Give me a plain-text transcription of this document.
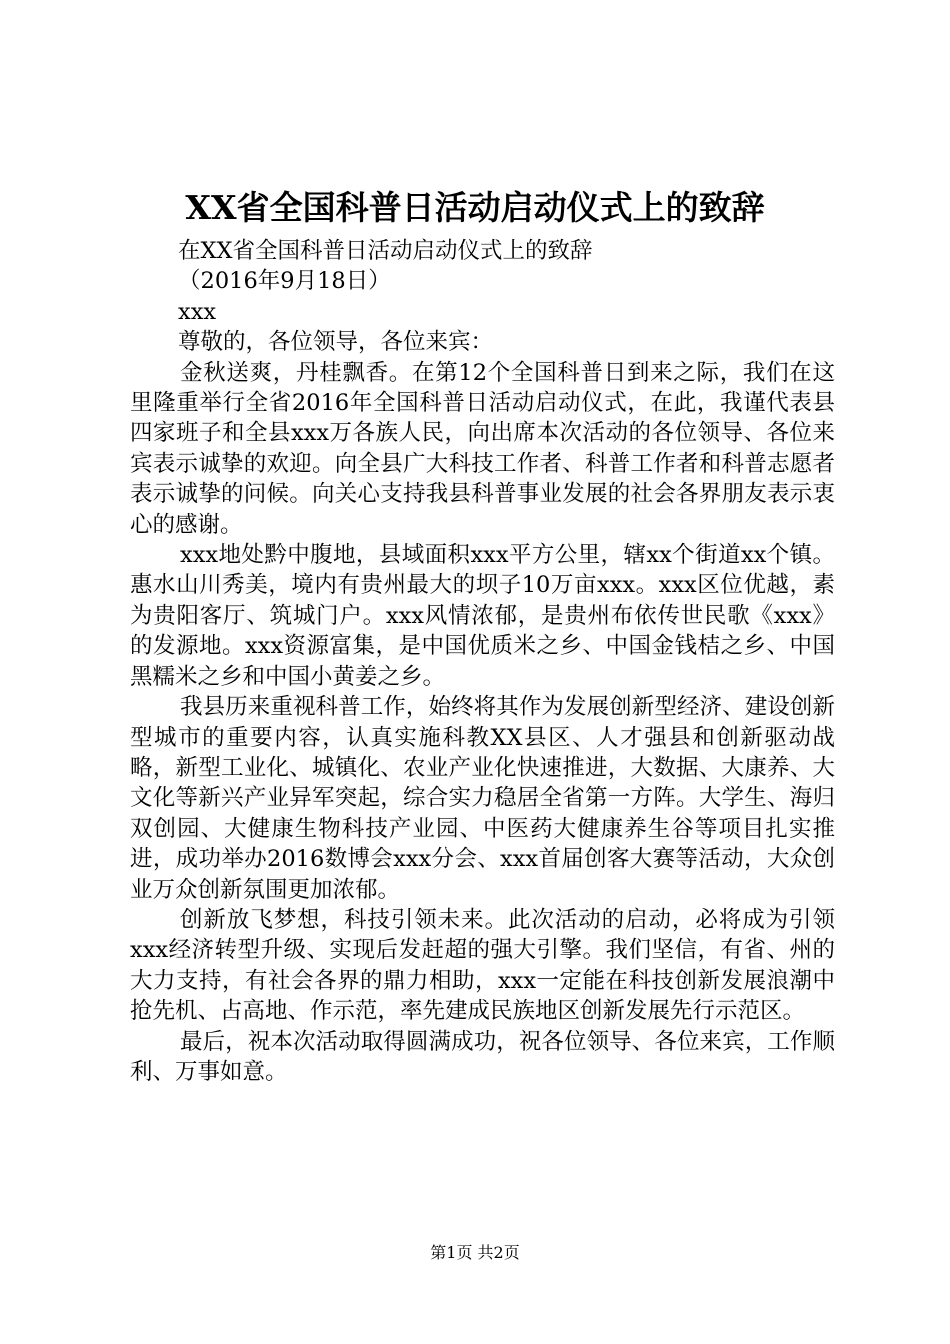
XX省全国科普日活动启动仪式上的致辞

在XX省全国科普日活动启动仪式上的致辞

（2016年9月18日）

xxx

尊敬的，各位领导，各位来宾：

金秋送爽，丹桂飘香。在第12个全国科普日到来之际，我们在这里隆重举行全省2016年全国科普日活动启动仪式，在此，我谨代表县四家班子和全县xxx万各族人民，向出席本次活动的各位领导、各位来宾表示诚挚的欢迎。向全县广大科技工作者、科普工作者和科普志愿者表示诚挚的问候。向关心支持我县科普事业发展的社会各界朋友表示衷心的感谢。

xxx地处黔中腹地，县域面积xxx平方公里，辖xx个街道xx个镇。惠水山川秀美，境内有贵州最大的坝子10万亩xxx。xxx区位优越，素为贵阳客厅、筑城门户。xxx风情浓郁，是贵州布依传世民歌《xxx》的发源地。xxx资源富集，是中国优质米之乡、中国金钱桔之乡、中国黑糯米之乡和中国小黄姜之乡。

我县历来重视科普工作，始终将其作为发展创新型经济、建设创新型城市的重要内容，认真实施科教XX县区、人才强县和创新驱动战略，新型工业化、城镇化、农业产业化快速推进，大数据、大康养、大文化等新兴产业异军突起，综合实力稳居全省第一方阵。大学生、海归双创园、大健康生物科技产业园、中医药大健康养生谷等项目扎实推进，成功举办2016数博会xxx分会、xxx首届创客大赛等活动，大众创业万众创新氛围更加浓郁。

创新放飞梦想，科技引领未来。此次活动的启动，必将成为引领xxx经济转型升级、实现后发赶超的强大引擎。我们坚信，有省、州的大力支持，有社会各界的鼎力相助，xxx一定能在科技创新发展浪潮中抢先机、占高地、作示范，率先建成民族地区创新发展先行示范区。

最后，祝本次活动取得圆满成功，祝各位领导、各位来宾，工作顺利、万事如意。

第1页 共2页
